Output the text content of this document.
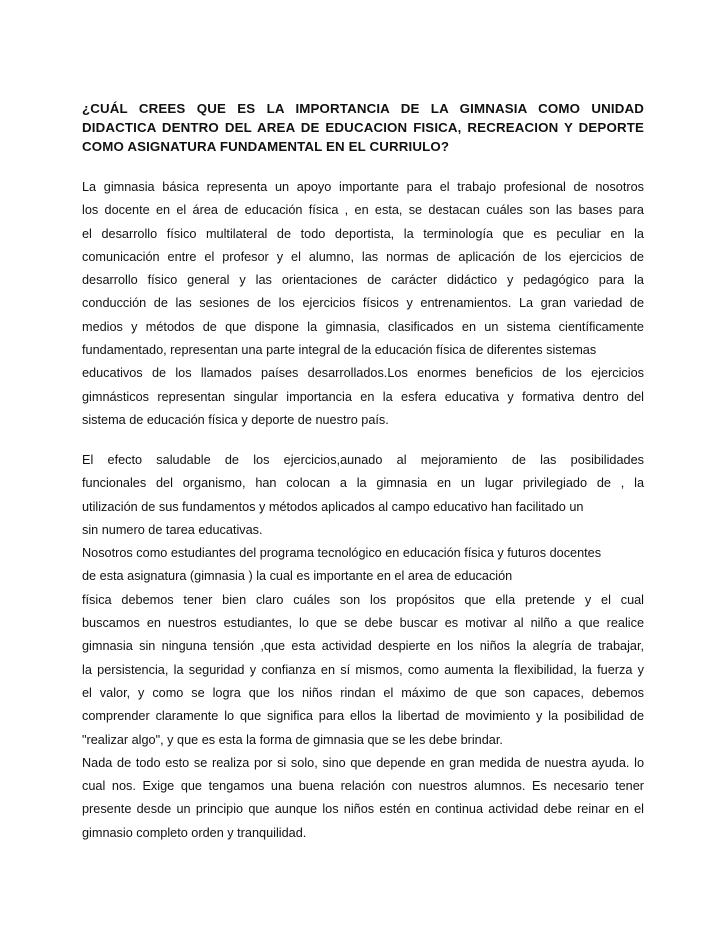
¿CUÁL CREES QUE ES LA IMPORTANCIA DE LA GIMNASIA COMO UNIDAD DIDACTICA DENTRO DEL AREA DE EDUCACION FISICA, RECREACION Y DEPORTE COMO ASIGNATURA FUNDAMENTAL EN EL CURRIULO?
La gimnasia básica representa un apoyo importante para el trabajo profesional de nosotros
los docente en el área de educación física , en esta, se destacan cuáles son las bases para
el desarrollo físico multilateral de todo deportista, la terminología que es peculiar en la
comunicación entre el profesor y el alumno, las normas de aplicación de los ejercicios de
desarrollo físico general y las orientaciones de carácter didáctico y pedagógico para la
conducción de las sesiones de los ejercicios físicos y entrenamientos. La gran variedad de
medios y métodos de que dispone la gimnasia, clasificados en un sistema científicamente
fundamentado, representan una parte integral de la educación física de diferentes sistemas
educativos de los llamados países desarrollados.Los enormes beneficios de los ejercicios
gimnásticos representan singular importancia en la esfera educativa y formativa dentro del
sistema de educación física y deporte de nuestro país.
El efecto saludable de los ejercicios,aunado al mejoramiento de las posibilidades
funcionales del organismo, han colocan a la gimnasia en un lugar privilegiado de , la
utilización de sus fundamentos y métodos aplicados al campo educativo han facilitado un
sin numero de tarea educativas.
Nosotros como estudiantes del programa tecnológico en educación física y futuros docentes
de esta asignatura (gimnasia ) la cual es importante en el area de educación
física debemos tener bien claro cuáles son los propósitos que ella pretende y el cual
buscamos en nuestros estudiantes, lo que se debe buscar es motivar al nilño a que realice
gimnasia sin ninguna tensión ,que esta actividad despierte en los niños la alegría de trabajar,
la persistencia, la seguridad y confianza en sí mismos, como aumenta la flexibilidad, la fuerza y
el valor, y como se logra que los niños rindan el máximo de que son capaces, debemos
comprender claramente lo que significa para ellos la libertad de movimiento y la posibilidad de
"realizar algo", y que es esta la forma de gimnasia que se les debe brindar.
Nada de todo esto se realiza por si solo, sino que depende en gran medida de nuestra ayuda. lo
cual nos. Exige que tengamos una buena relación con nuestros alumnos. Es necesario tener
presente desde un principio que aunque los niños estén en continua actividad debe reinar en el
gimnasio completo orden y tranquilidad.
